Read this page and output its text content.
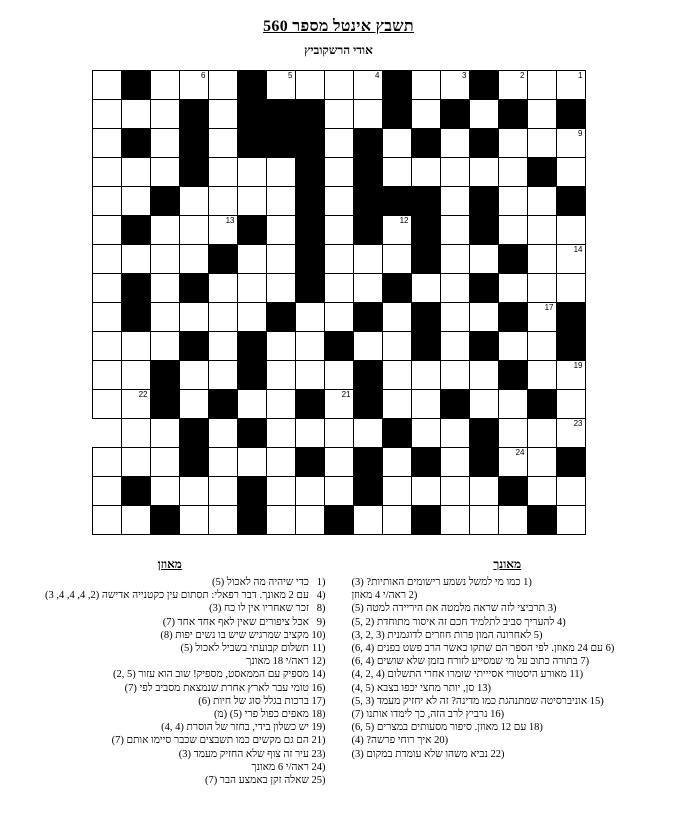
תשבץ אינטל מספר 560
אודי הרשקוביץ

	7		6			5			4			3		2		1

			8													

																9

									10							

																11

				13						12						

											15					14

										16						

															17	

					18											

														20		19

	22							21								

																23

							25							24		

מאונך
(1 כמו מי למשל נשמע רישומים האותיות? (3)
(2 ראה/י 4 מאוזן
(3 תרביצי לזה שראה מלמטה את היריידה למטה (5)
(4 להעריך סביב לתלמיד חכם זה איסור מתוחדת (2 ,5)
(5 לאחרונה המון פרות חוזרים לדוגמנית (3 ,2 ,3)
(6 עם 24 מאוזן. לפי הספר הם שתקו כאשר הרב פשט בפנים (4 ,6)
(7 בתורה כתוב על מי שמסייע לזורח בזמן שלא שושים (4 ,6)
(11 מאורע היסטורי אסיייתי שומרו אחרי התשלום (4 ,2 ,4)
(13 סן, יותר מחצי יכפו בצבא (5 ,4)
(15 אוניברסיטה שמתנהגת כמו מדינה? זה לא יחזיק מעמד (3 ,5)
(16 נרביץ לרב הזה, כך לימדו אותנו (7)
(18 עם 12 מאוזן. סיפור מסעותים במצרים (5 ,6)
(20 איך רוחי פרשה? (4)
(22 נביא משהו שלא עומדת במקום (3)
מאוזן
(1 כדי שיהיה מה לאכול (5)
(4 עם 2 מאונך. דבר רפאלי: תסתום עין כקטנייה אדישה (2, 4, 4, 4, 3)
(8 זכר שאחריו אין לו כח (3)
(9 אכל ציפורים שאין לאף אחד אחד (7)
(10 מקציב שמרגיש שיש בו נשים יפות (8)
(11 תשלום קבועתי בשביל לאכול (5)
(12 ראה/י 18 מאונך
(14 מספיק עם הממאסט, מספיק! שוב הוא עזור (5 ,2)
(16 טומי עבר לארץ אחרת שנמצאת מסביב לפי (7)
(17 ברכות בגלל סוג של חיות (6)
(18 מאפים כפול פרי (5) (מ)
(19 יש כשלון בידי, בחזר של הוסרת (4 ,4)
(21 הם גם מקשים כמו תשבצים שכבר סיימו אותם (7)
(23 עיר זה צוף שלא החזיק מעמד (3)
(24 ראה/י 6 מאונך
(25 שאלה זקן באמצע הבר (7)
